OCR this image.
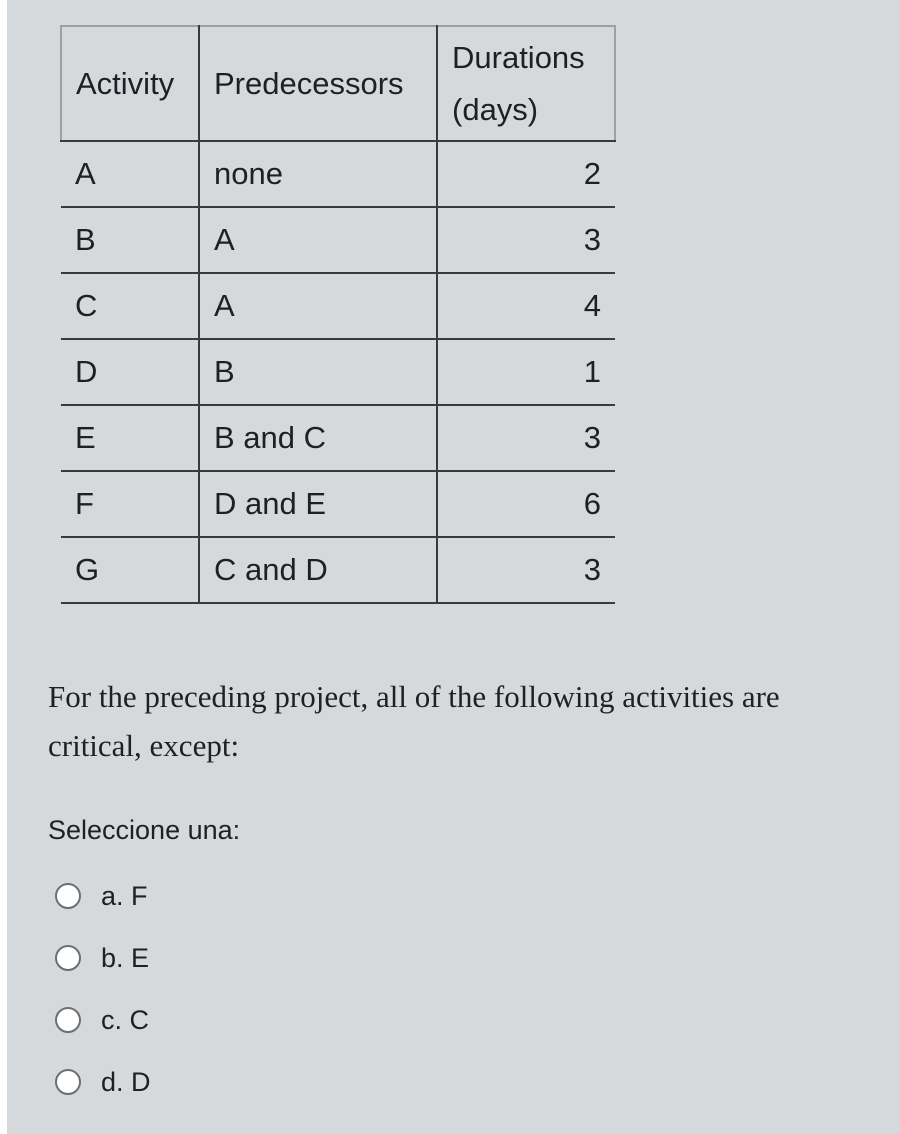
Activity	Predecessors	Durations
(days)

A	none	2
B	A	3
C	A	4
D	B	1
E	B and C	3
F	D and E	6
G	C and D	3
For the preceding project, all of the following activities are critical, except:
Seleccione una:
a. F
b. E
c. C
d. D
